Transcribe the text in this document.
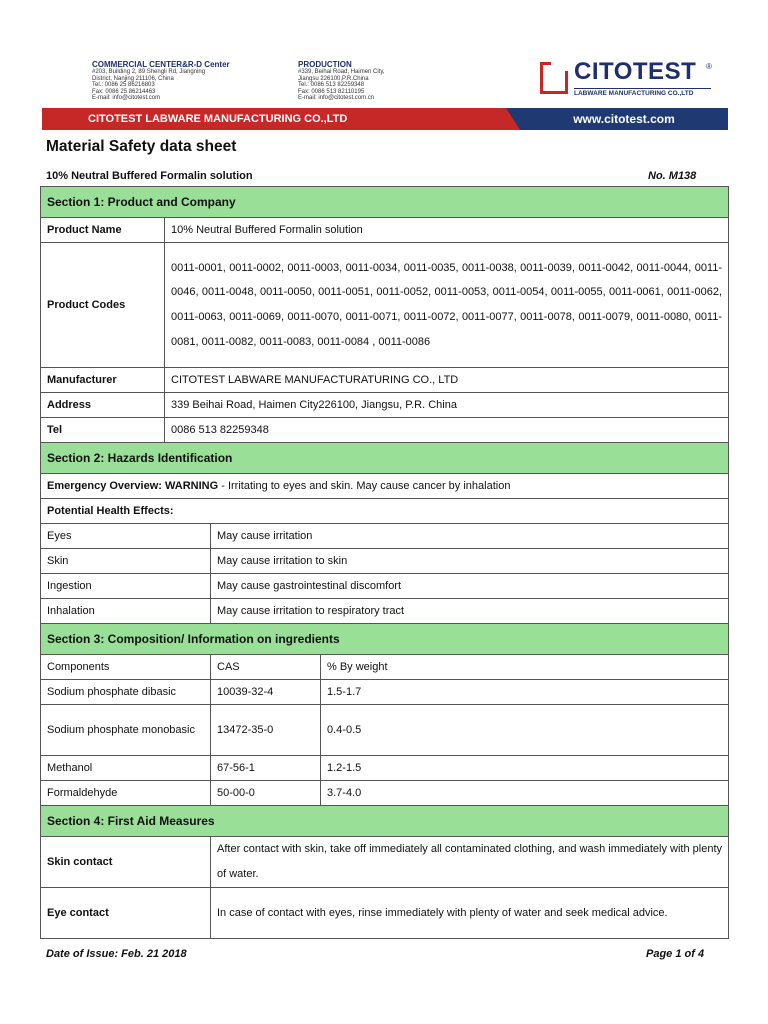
COMMERCIAL CENTER&R-D Center
#203, Building 2, 89 Shengli Rd, Jiangning
District, Nanjing 211106, China
Tel.: 0086 25 86216803
Fax: 0086 25 86214463
E-mail: info@citotest.com
PRODUCTION
#339, Beihai Road, Haimen City,
Jiangsu 226100,P.R.China
Tel.: 0086 513 82259348
Fax: 0086 513 82110195
E-mail: info@citotest.com.cn
CITOTEST ®
LABWARE MANUFACTURING CO.,LTD
CITOTEST LABWARE MANUFACTURING CO.,LTD	www.citotest.com
Material Safety data sheet
10% Neutral Buffered Formalin solution	No. M138
Section 1: Product and Company			
Product Name	10% Neutral Buffered Formalin solution		
Product Codes	0011-0001, 0011-0002, 0011-0003, 0011-0034, 0011-0035, 0011-0038, 0011-0039, 0011-0042, 0011-0044, 0011-0046, 0011-0048, 0011-0050, 0011-0051, 0011-0052, 0011-0053, 0011-0054, 0011-0055, 0011-0061, 0011-0062, 0011-0063, 0011-0069, 0011-0070, 0011-0071, 0011-0072, 0011-0077, 0011-0078, 0011-0079, 0011-0080, 0011-0081, 0011-0082, 0011-0083, 0011-0084 , 0011-0086		
Manufacturer	CITOTEST LABWARE MANUFACTURATURING CO., LTD		
Address	339 Beihai Road, Haimen City226100, Jiangsu, P.R. China		
Tel	0086 513 82259348		
Section 2: Hazards Identification			
Emergency Overview: WARNING - Irritating to eyes and skin. May cause cancer by inhalation			
Potential Health Effects:			
Eyes		May cause irritation	
Skin		May cause irritation to skin	
Ingestion		May cause gastrointestinal discomfort	
Inhalation		May cause irritation to respiratory tract	
Section 3: Composition/ Information on ingredients			
Components		CAS	% By weight
Sodium phosphate dibasic		10039-32-4	1.5-1.7
Sodium phosphate monobasic		13472-35-0	0.4-0.5
Methanol		67-56-1	1.2-1.5
Formaldehyde		50-00-0	3.7-4.0
Section 4: First Aid Measures			
Skin contact		After contact with skin, take off immediately all contaminated clothing, and wash immediately with plenty of water.	
Eye contact		In case of contact with eyes, rinse immediately with plenty of water and seek medical advice.	
Date of Issue: Feb. 21 2018	Page 1 of 4
